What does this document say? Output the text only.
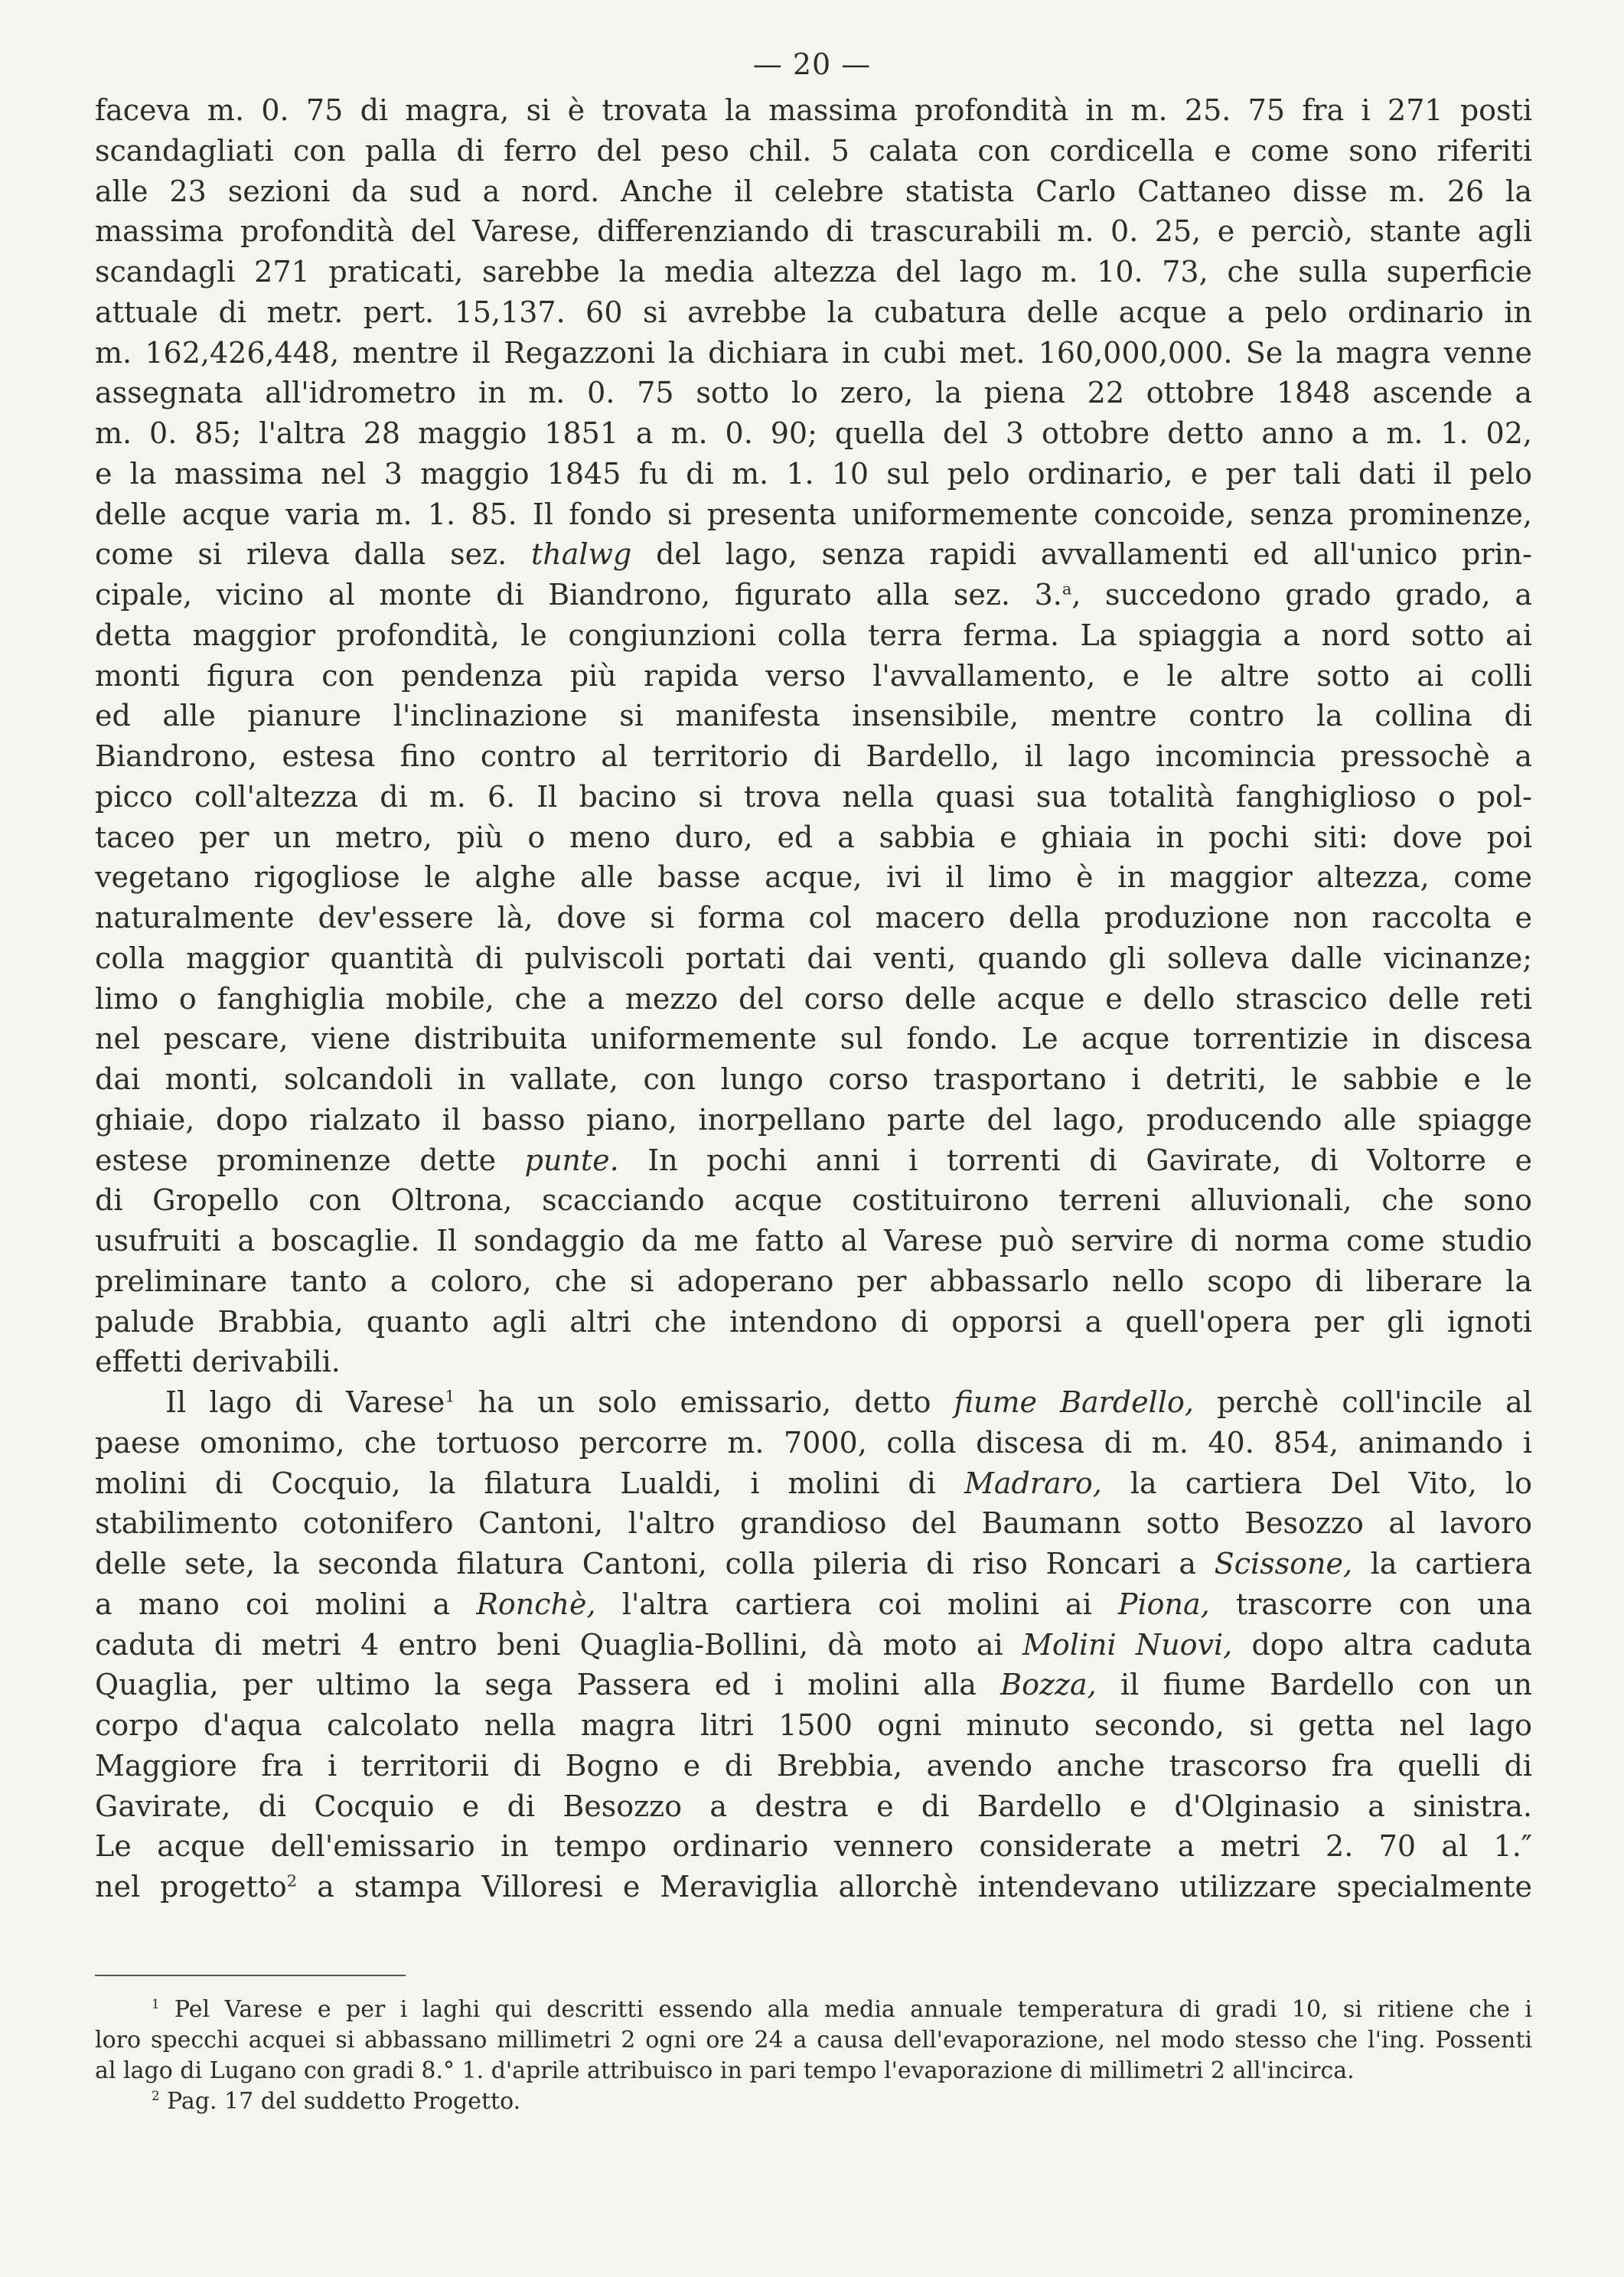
— 20 —
faceva m. 0. 75 di magra, si è trovata la massima profondità in m. 25. 75 fra i 271 posti
scandagliati con palla di ferro del peso chil. 5 calata con cordicella e come sono riferiti
alle 23 sezioni da sud a nord. Anche il celebre statista Carlo Cattaneo disse m. 26 la
massima profondità del Varese, differenziando di trascurabili m. 0. 25, e perciò, stante agli
scandagli 271 praticati, sarebbe la media altezza del lago m. 10. 73, che sulla superficie
attuale di metr. pert. 15,137. 60 si avrebbe la cubatura delle acque a pelo ordinario in
m. 162,426,448, mentre il Regazzoni la dichiara in cubi met. 160,000,000. Se la magra venne
assegnata all'idrometro in m. 0. 75 sotto lo zero, la piena 22 ottobre 1848 ascende a
m. 0. 85; l'altra 28 maggio 1851 a m. 0. 90; quella del 3 ottobre detto anno a m. 1. 02,
e la massima nel 3 maggio 1845 fu di m. 1. 10 sul pelo ordinario, e per tali dati il pelo
delle acque varia m. 1. 85. Il fondo si presenta uniformemente concoide, senza prominenze,
come si rileva dalla sez. thalwg del lago, senza rapidi avvallamenti ed all'unico prin-
cipale, vicino al monte di Biandrono, figurato alla sez. 3.$^a$, succedono grado grado, a
detta maggior profondità, le congiunzioni colla terra ferma. La spiaggia a nord sotto ai
monti figura con pendenza più rapida verso l'avvallamento, e le altre sotto ai colli
ed alle pianure l'inclinazione si manifesta insensibile, mentre contro la collina di
Biandrono, estesa fino contro al territorio di Bardello, il lago incomincia pressochè a
picco coll'altezza di m. 6. Il bacino si trova nella quasi sua totalità fanghiglioso o pol-
taceo per un metro, più o meno duro, ed a sabbia e ghiaia in pochi siti: dove poi
vegetano rigogliose le alghe alle basse acque, ivi il limo è in maggior altezza, come
naturalmente dev'essere là, dove si forma col macero della produzione non raccolta e
colla maggior quantità di pulviscoli portati dai venti, quando gli solleva dalle vicinanze;
limo o fanghiglia mobile, che a mezzo del corso delle acque e dello strascico delle reti
nel pescare, viene distribuita uniformemente sul fondo. Le acque torrentizie in discesa
dai monti, solcandoli in vallate, con lungo corso trasportano i detriti, le sabbie e le
ghiaie, dopo rialzato il basso piano, inorpellano parte del lago, producendo alle spiagge
estese prominenze dette punte. In pochi anni i torrenti di Gavirate, di Voltorre e
di Gropello con Oltrona, scacciando acque costituirono terreni alluvionali, che sono
usufruiti a boscaglie. Il sondaggio da me fatto al Varese può servire di norma come studio
preliminare tanto a coloro, che si adoperano per abbassarlo nello scopo di liberare la
palude Brabbia, quanto agli altri che intendono di opporsi a quell'opera per gli ignoti
effetti derivabili.
Il lago di Varese$^1$ ha un solo emissario, detto fiume Bardello, perchè coll'incile al
paese omonimo, che tortuoso percorre m. 7000, colla discesa di m. 40. 854, animando i
molini di Cocquio, la filatura Lualdi, i molini di Madraro, la cartiera Del Vito, lo
stabilimento cotonifero Cantoni, l'altro grandioso del Baumann sotto Besozzo al lavoro
delle sete, la seconda filatura Cantoni, colla pileria di riso Roncari a Scissone, la cartiera
a mano coi molini a Ronchè, l'altra cartiera coi molini ai Piona, trascorre con una
caduta di metri 4 entro beni Quaglia-Bollini, dà moto ai Molini Nuovi, dopo altra caduta
Quaglia, per ultimo la sega Passera ed i molini alla Bozza, il fiume Bardello con un
corpo d'aqua calcolato nella magra litri 1500 ogni minuto secondo, si getta nel lago
Maggiore fra i territorii di Bogno e di Brebbia, avendo anche trascorso fra quelli di
Gavirate, di Cocquio e di Besozzo a destra e di Bardello e d'Olginasio a sinistra.
Le acque dell'emissario in tempo ordinario vennero considerate a metri 2. 70 al 1.″
nel progetto$^2$ a stampa Villoresi e Meraviglia allorchè intendevano utilizzare specialmente
$^1$ Pel Varese e per i laghi qui descritti essendo alla media annuale temperatura di gradi 10, si ritiene che i
loro specchi acquei si abbassano millimetri 2 ogni ore 24 a causa dell'evaporazione, nel modo stesso che l'ing. Possenti
al lago di Lugano con gradi 8.° 1. d'aprile attribuisco in pari tempo l'evaporazione di millimetri 2 all'incirca.
$^2$ Pag. 17 del suddetto Progetto.
